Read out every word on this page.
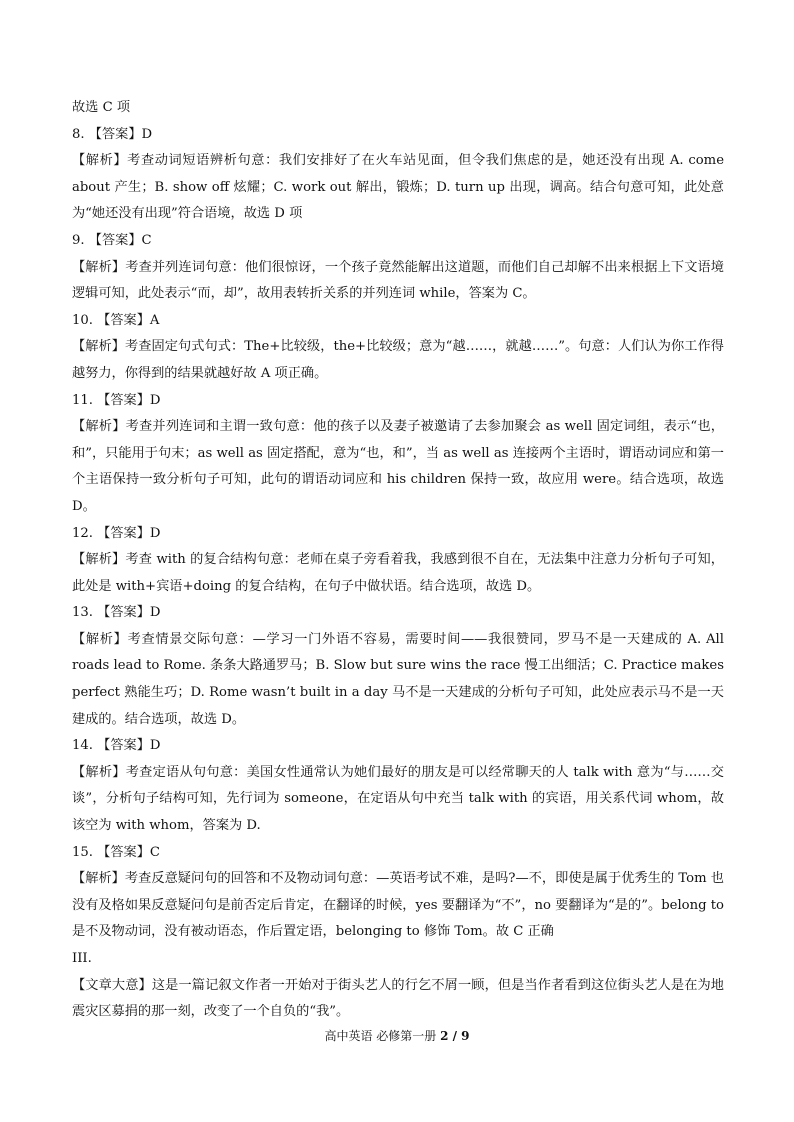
故选 C 项

8. 【答案】D

【解析】考查动词短语辨析句意：我们安排好了在火车站见面，但令我们焦虑的是，她还没有出现 A. come about 产生；B. show off 炫耀；C. work out 解出，锻炼；D. turn up 出现，调高。结合句意可知，此处意为“她还没有出现”符合语境，故选 D 项

9. 【答案】C

【解析】考查并列连词句意：他们很惊讶，一个孩子竟然能解出这道题，而他们自己却解不出来根据上下文语境逻辑可知，此处表示“而，却”，故用表转折关系的并列连词 while，答案为 C。

10. 【答案】A

【解析】考查固定句式句式：The+比较级，the+比较级；意为“越……，就越……”。句意：人们认为你工作得越努力，你得到的结果就越好故 A 项正确。

11. 【答案】D

【解析】考查并列连词和主谓一致句意：他的孩子以及妻子被邀请了去参加聚会 as well 固定词组，表示“也，和”，只能用于句末；as well as 固定搭配，意为“也，和”，当 as well as 连接两个主语时，谓语动词应和第一个主语保持一致分析句子可知，此句的谓语动词应和 his children 保持一致，故应用 were。结合选项，故选 D。

12. 【答案】D

【解析】考查 with 的复合结构句意：老师在桌子旁看着我，我感到很不自在，无法集中注意力分析句子可知，此处是 with+宾语+doing 的复合结构，在句子中做状语。结合选项，故选 D。

13. 【答案】D

【解析】考查情景交际句意：—学习一门外语不容易，需要时间——我很赞同，罗马不是一天建成的 A. All roads lead to Rome. 条条大路通罗马；B. Slow but sure wins the race 慢工出细活；C. Practice makes perfect 熟能生巧；D. Rome wasn’t built in a day 马不是一天建成的分析句子可知，此处应表示马不是一天建成的。结合选项，故选 D。

14. 【答案】D

【解析】考查定语从句句意：美国女性通常认为她们最好的朋友是可以经常聊天的人 talk with 意为“与……交谈”，分析句子结构可知，先行词为 someone，在定语从句中充当 talk with 的宾语，用关系代词 whom，故该空为 with whom，答案为 D.

15. 【答案】C

【解析】考查反意疑问句的回答和不及物动词句意：—英语考试不难，是吗?—不，即使是属于优秀生的 Tom 也没有及格如果反意疑问句是前否定后肯定，在翻译的时候，yes 要翻译为“不”，no 要翻译为“是的”。belong to 是不及物动词，没有被动语态，作后置定语，belonging to 修饰 Tom。故 C 正确

III.

【文章大意】这是一篇记叙文作者一开始对于街头艺人的行乞不屑一顾，但是当作者看到这位街头艺人是在为地震灾区募捐的那一刻，改变了一个自负的“我”。

高中英语 必修第一册 2 / 9
